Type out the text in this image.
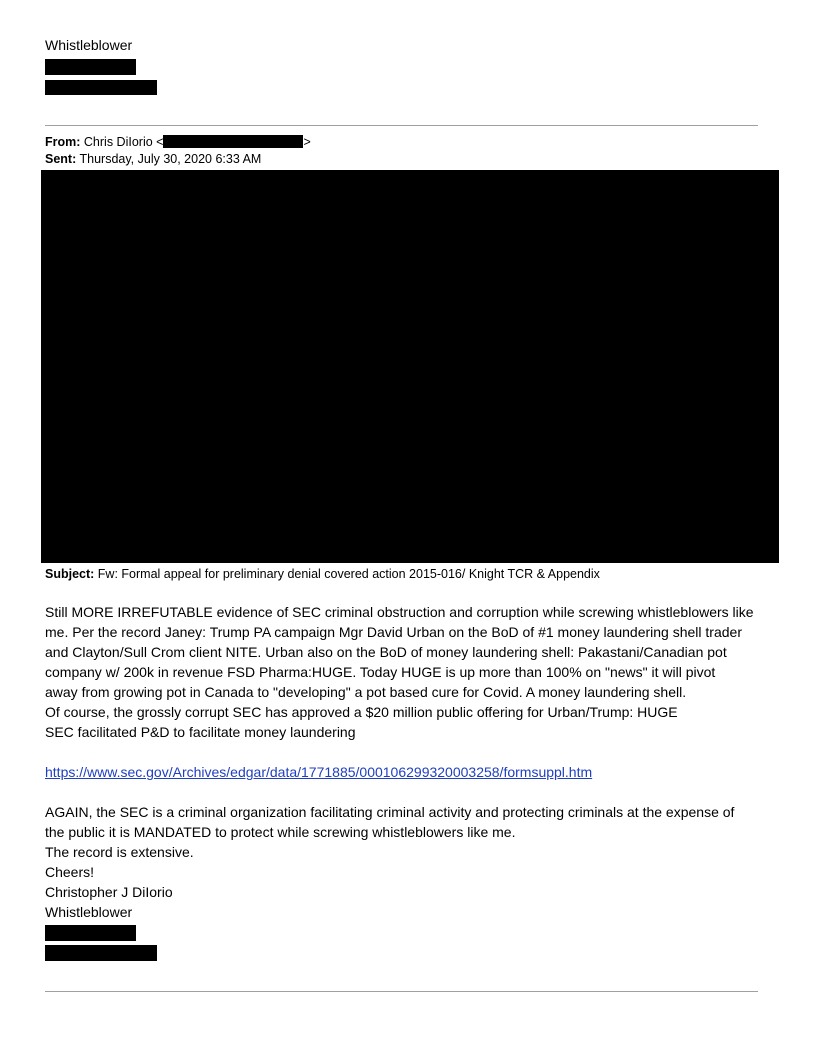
Whistleblower
From: Chris DiIorio <	>
Sent: Thursday, July 30, 2020 6:33 AM
Subject: Fw: Formal appeal for preliminary denial covered action 2015-016/ Knight TCR & Appendix

Still MORE IRREFUTABLE evidence of SEC criminal obstruction and corruption while screwing whistleblowers like

me. Per the record Janey: Trump PA campaign Mgr David Urban on the BoD of #1 money laundering shell trader

and Clayton/Sull Crom client NITE. Urban also on the BoD of money laundering shell: Pakastani/Canadian pot

company w/ 200k in revenue FSD Pharma:HUGE. Today HUGE is up more than 100% on "news" it will pivot

away from growing pot in Canada to "developing" a pot based cure for Covid. A money laundering shell.

Of course, the grossly corrupt SEC has approved a $20 million public offering for Urban/Trump: HUGE

SEC facilitated P&D to facilitate money laundering

https://www.sec.gov/Archives/edgar/data/1771885/000106299320003258/formsuppl.htm

AGAIN, the SEC is a criminal organization facilitating criminal activity and protecting criminals at the expense of

the public it is MANDATED to protect while screwing whistleblowers like me.

The record is extensive.

Cheers!

Christopher J DiIorio

Whistleblower
